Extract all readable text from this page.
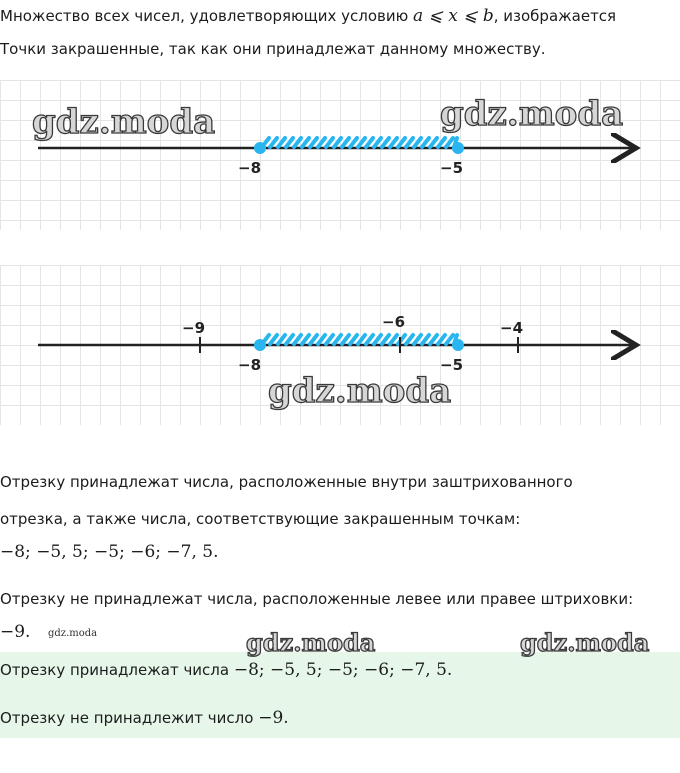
Множество всех чисел, удовлетворяющих условию a ⩽ x ⩽ b, изображается
Точки закрашенные, так как они принадлежат данному множеству.
−8	−5
gdz.moda	gdz.moda
−9	−6	−4
−8	−5
gdz.moda
Отрезку принадлежат числа, расположенные внутри заштрихованного
отрезка, а также числа, соответствующие закрашенным точкам:
−8; −5, 5; −5; −6; −7, 5.
Отрезку не принадлежат числа, расположенные левее или правее штриховки:
−9. gdz.moda	gdz.moda	gdz.moda
Отрезку принадлежат числа −8; −5, 5; −5; −6; −7, 5.
Отрезку не принадлежит число −9.
